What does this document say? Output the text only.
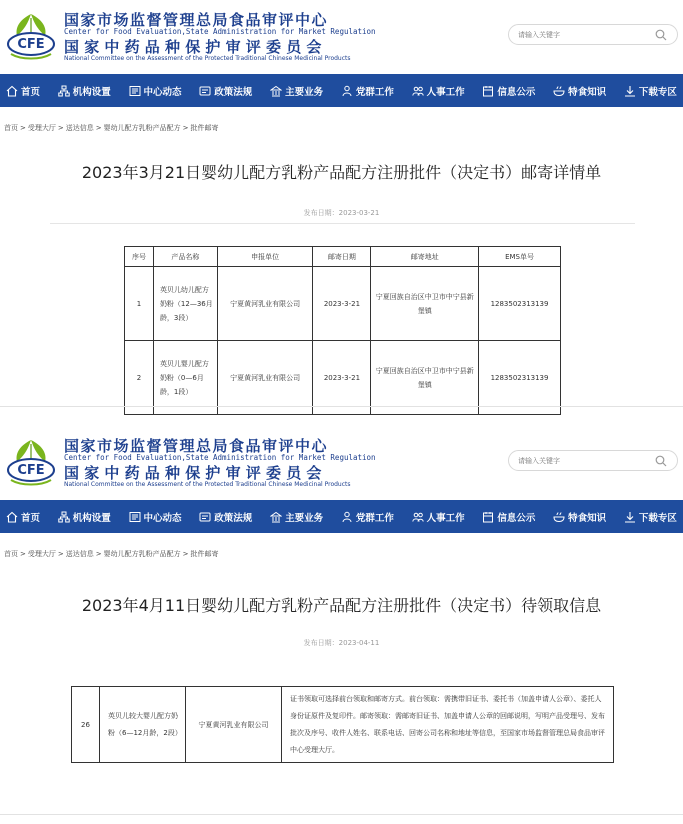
CFE
国家市场监督管理总局食品审评中心
Center for Food Evaluation,State Administration for Market Regulation
国家中药品种保护审评委员会
National Committee on the Assessment of the Protected Traditional Chinese Medicinal Products
请输入关键字
首页	机构设置	中心动态	政策法规	主要业务	党群工作	人事工作	信息公示	特食知识	下载专区
首页 > 受理大厅 > 送达信息 > 婴幼儿配方乳粉产品配方 > 批件邮寄
2023年3月21日婴幼儿配方乳粉产品配方注册批件（决定书）邮寄详情单
发布日期：2023-03-21
序号	产品名称	申报单位	邮寄日期	邮寄地址	EMS单号
1	英贝儿幼儿配方奶粉（12—36月龄，3段）	宁夏黄河乳业有限公司	2023-3-21	宁夏回族自治区中卫市中宁县新堡镇	1283502313139
2	英贝儿婴儿配方奶粉（0—6月龄，1段）	宁夏黄河乳业有限公司	2023-3-21	宁夏回族自治区中卫市中宁县新堡镇	1283502313139
CFE
国家市场监督管理总局食品审评中心
Center for Food Evaluation,State Administration for Market Regulation
国家中药品种保护审评委员会
National Committee on the Assessment of the Protected Traditional Chinese Medicinal Products
请输入关键字
首页	机构设置	中心动态	政策法规	主要业务	党群工作	人事工作	信息公示	特食知识	下载专区
首页 > 受理大厅 > 送达信息 > 婴幼儿配方乳粉产品配方 > 批件邮寄
2023年4月11日婴幼儿配方乳粉产品配方注册批件（决定书）待领取信息
发布日期：2023-04-11
26	英贝儿较大婴儿配方奶粉（6—12月龄，2段）	宁夏黄河乳业有限公司	证书领取可选择前台领取和邮寄方式。前台领取：需携带旧证书、委托书（加盖申请人公章）、委托人身份证原件及复印件。邮寄领取：需邮寄旧证书、加盖申请人公章的回邮说明，写明产品受理号、发布批次及序号、收件人姓名、联系电话、回寄公司名称和地址等信息，至国家市场监督管理总局食品审评中心受理大厅。
